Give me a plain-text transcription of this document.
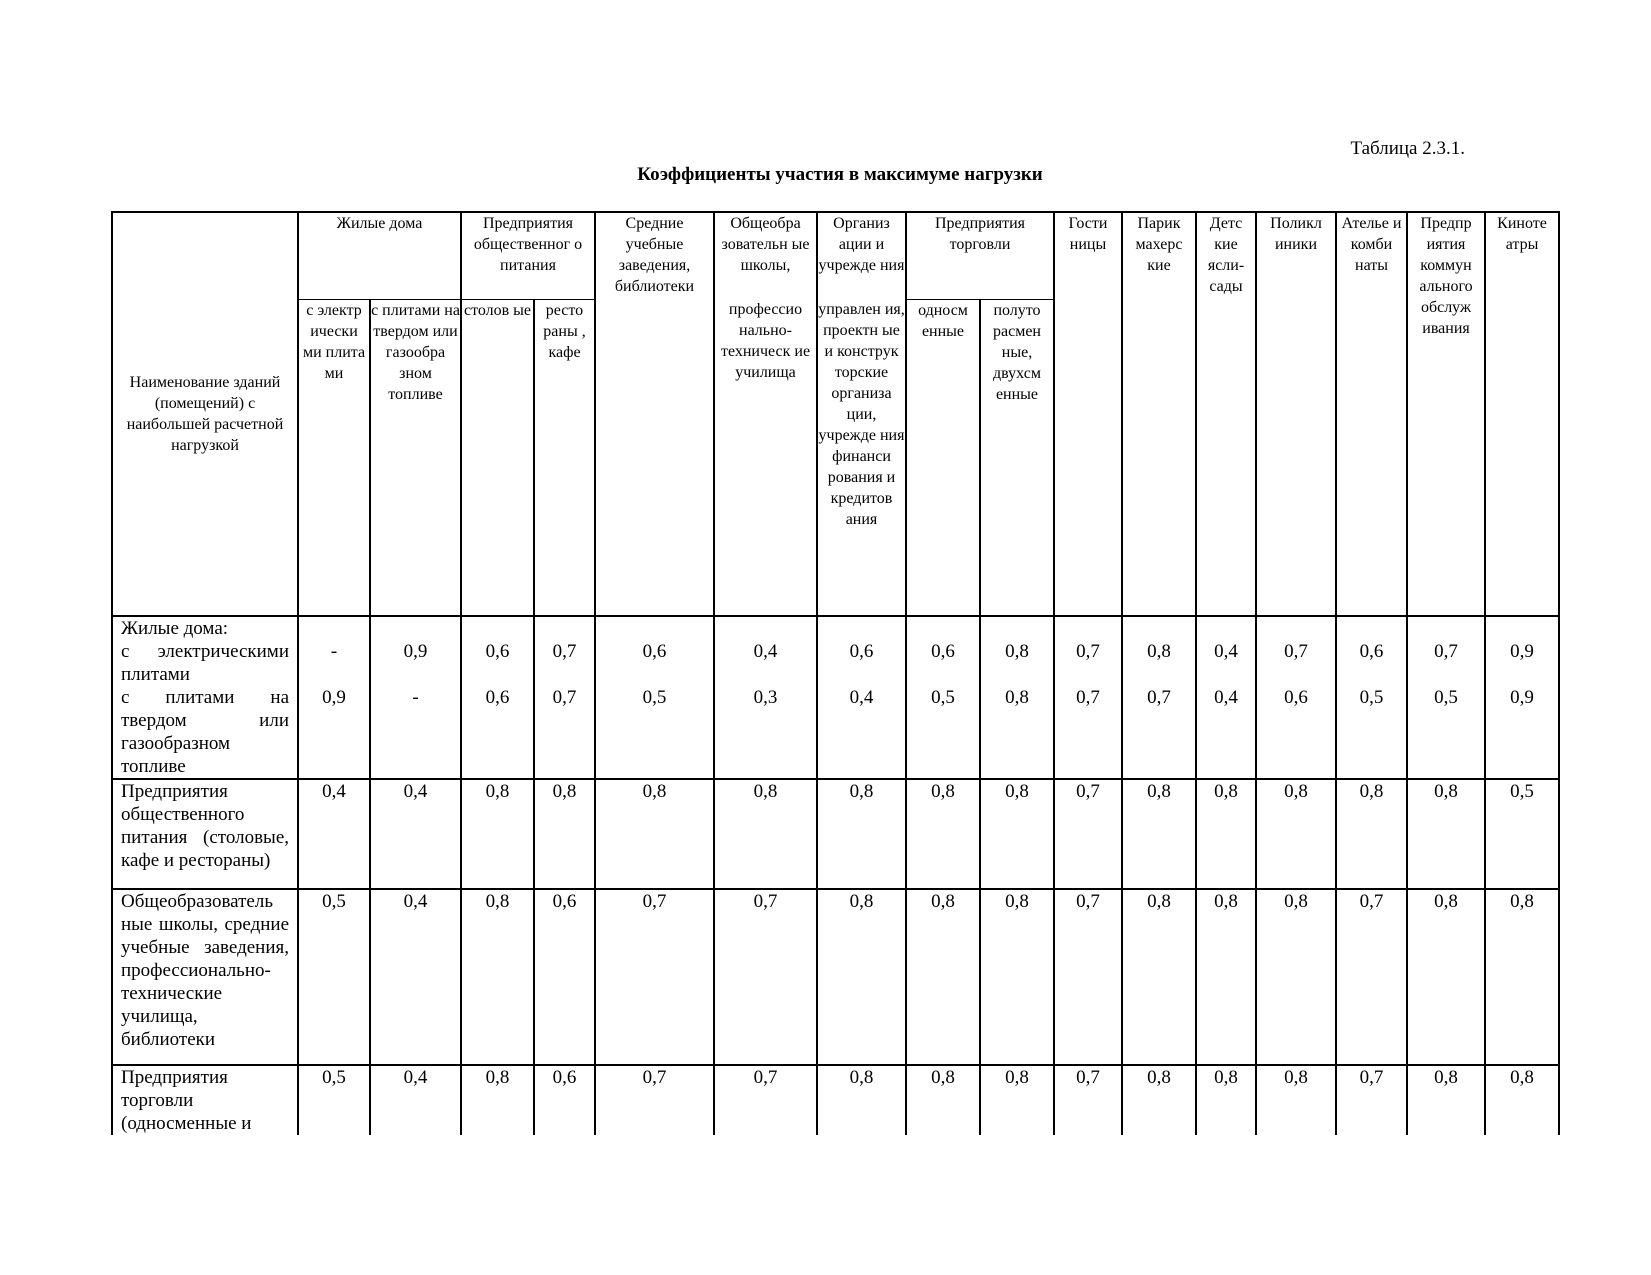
Таблица 2.3.1.
Коэффициенты участия в максимуме нагрузки
Наименование зданий (помещений) с наибольшей расчетной нагрузкой	Жилые дома		Предприятия общественног о питания		Средние учебные заведения, библиотеки	Общеобра зовательн ые школы,	Организ ации и учрежде ния	Предприятия торговли		Гости ницы	Парик махерс кие	Детс кие ясли-сады	Поликл иники	Ателье и комби наты	Предпр иятия коммун ального обслуж ивания	Киноте атры
	с электр ически ми плита ми	с плитами на твердом или газообра зном топливе	столов ые	ресто раны , кафе		профессио нально-техническ ие училища	управлен ия, проектн ые и конструк торские организа ции, учрежде ния финанси рования и кредитов ания	односм енные	полуто расмен ные, двухсм енные							
Жилые дома:																
с электрическими плитами	-	0,9	0,6	0,7	0,6	0,4	0,6	0,6	0,8	0,7	0,8	0,4	0,7	0,6	0,7	0,9
с плитами на твердом или газообразном топливе	0,9	-	0,6	0,7	0,5	0,3	0,4	0,5	0,8	0,7	0,7	0,4	0,6	0,5	0,5	0,9
Предприятия общественного питания (столовые, кафе и рестораны)	0,4	0,4	0,8	0,8	0,8	0,8	0,8	0,8	0,8	0,7	0,8	0,8	0,8	0,8	0,8	0,5
Общеобразователь ные школы, средние учебные заведения, профессионально-технические училища, библиотеки	0,5	0,4	0,8	0,6	0,7	0,7	0,8	0,8	0,8	0,7	0,8	0,8	0,8	0,7	0,8	0,8
Предприятия торговли (односменные и	0,5	0,4	0,8	0,6	0,7	0,7	0,8	0,8	0,8	0,7	0,8	0,8	0,8	0,7	0,8	0,8
